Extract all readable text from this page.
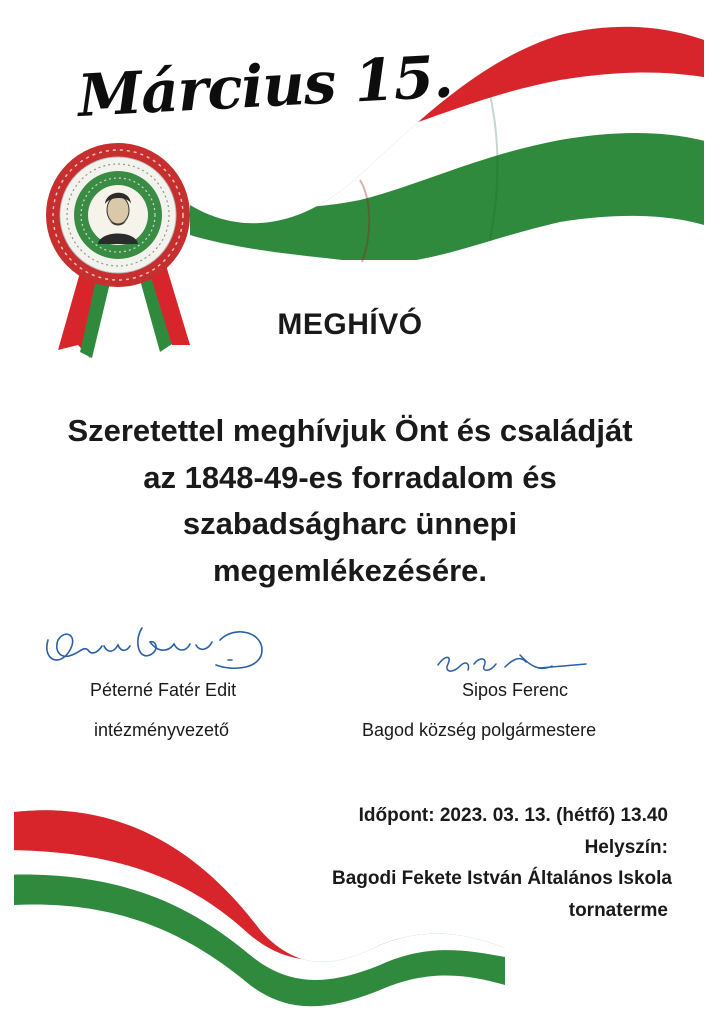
Március 15.
MEGHÍVÓ
Szeretettel meghívjuk Önt és családját
az 1848-49-es forradalom és
szabadságharc ünnepi
megemlékezésére.
Péterné Fatér Edit
intézményvezető
Sipos Ferenc
Bagod község polgármestere
Időpont: 2023. 03. 13. (hétfő) 13.40
Helyszín:
Bagodi Fekete István Általános Iskola
tornaterme
